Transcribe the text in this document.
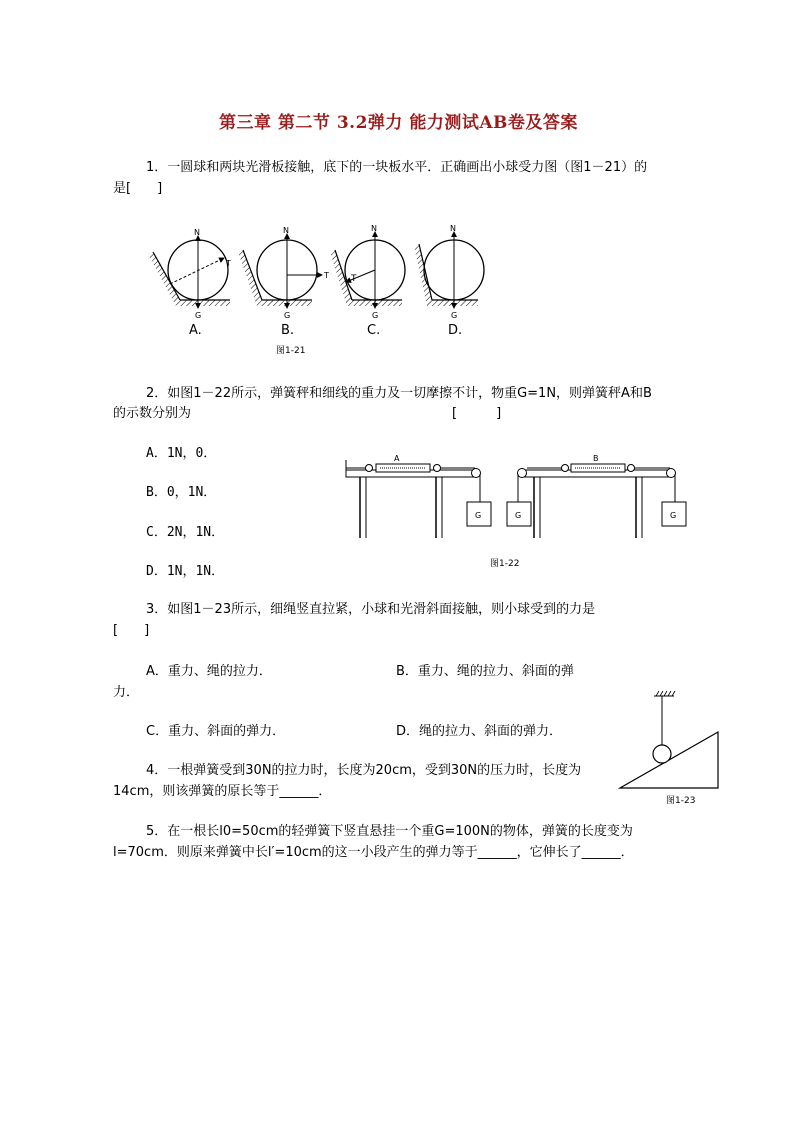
第三章 第二节 3.2弹力 能力测试AB卷及答案
1．一圆球和两块光滑板接触，底下的一块板水平．正确画出小球受力图（图1－21）的
是[　　]
N
G
T
A.
N
G
T
B.
N
G
T
C.
N
G
D.
图1-21
2．如图1－22所示，弹簧秤和细线的重力及一切摩擦不计，物重G=1N，则弹簧秤A和B
的示数分别为	[　　　]
A．1N，0．
B．0，1N．
C．2N，1N．
D．1N，1N．
A
G	G
B
G
图1-22
3．如图1－23所示，细绳竖直拉紧，小球和光滑斜面接触，则小球受到的力是
[　　]
A．重力、绳的拉力．	B．重力、绳的拉力、斜面的弹
力．
C．重力、斜面的弹力．	D．绳的拉力、斜面的弹力．
图1-23
4．一根弹簧受到30N的拉力时，长度为20cm，受到30N的压力时，长度为
14cm，则该弹簧的原长等于______．
5．在一根长l0=50cm的轻弹簧下竖直悬挂一个重G=100N的物体，弹簧的长度变为
l=70cm．则原来弹簧中长l′=10cm的这一小段产生的弹力等于______，它伸长了______．
